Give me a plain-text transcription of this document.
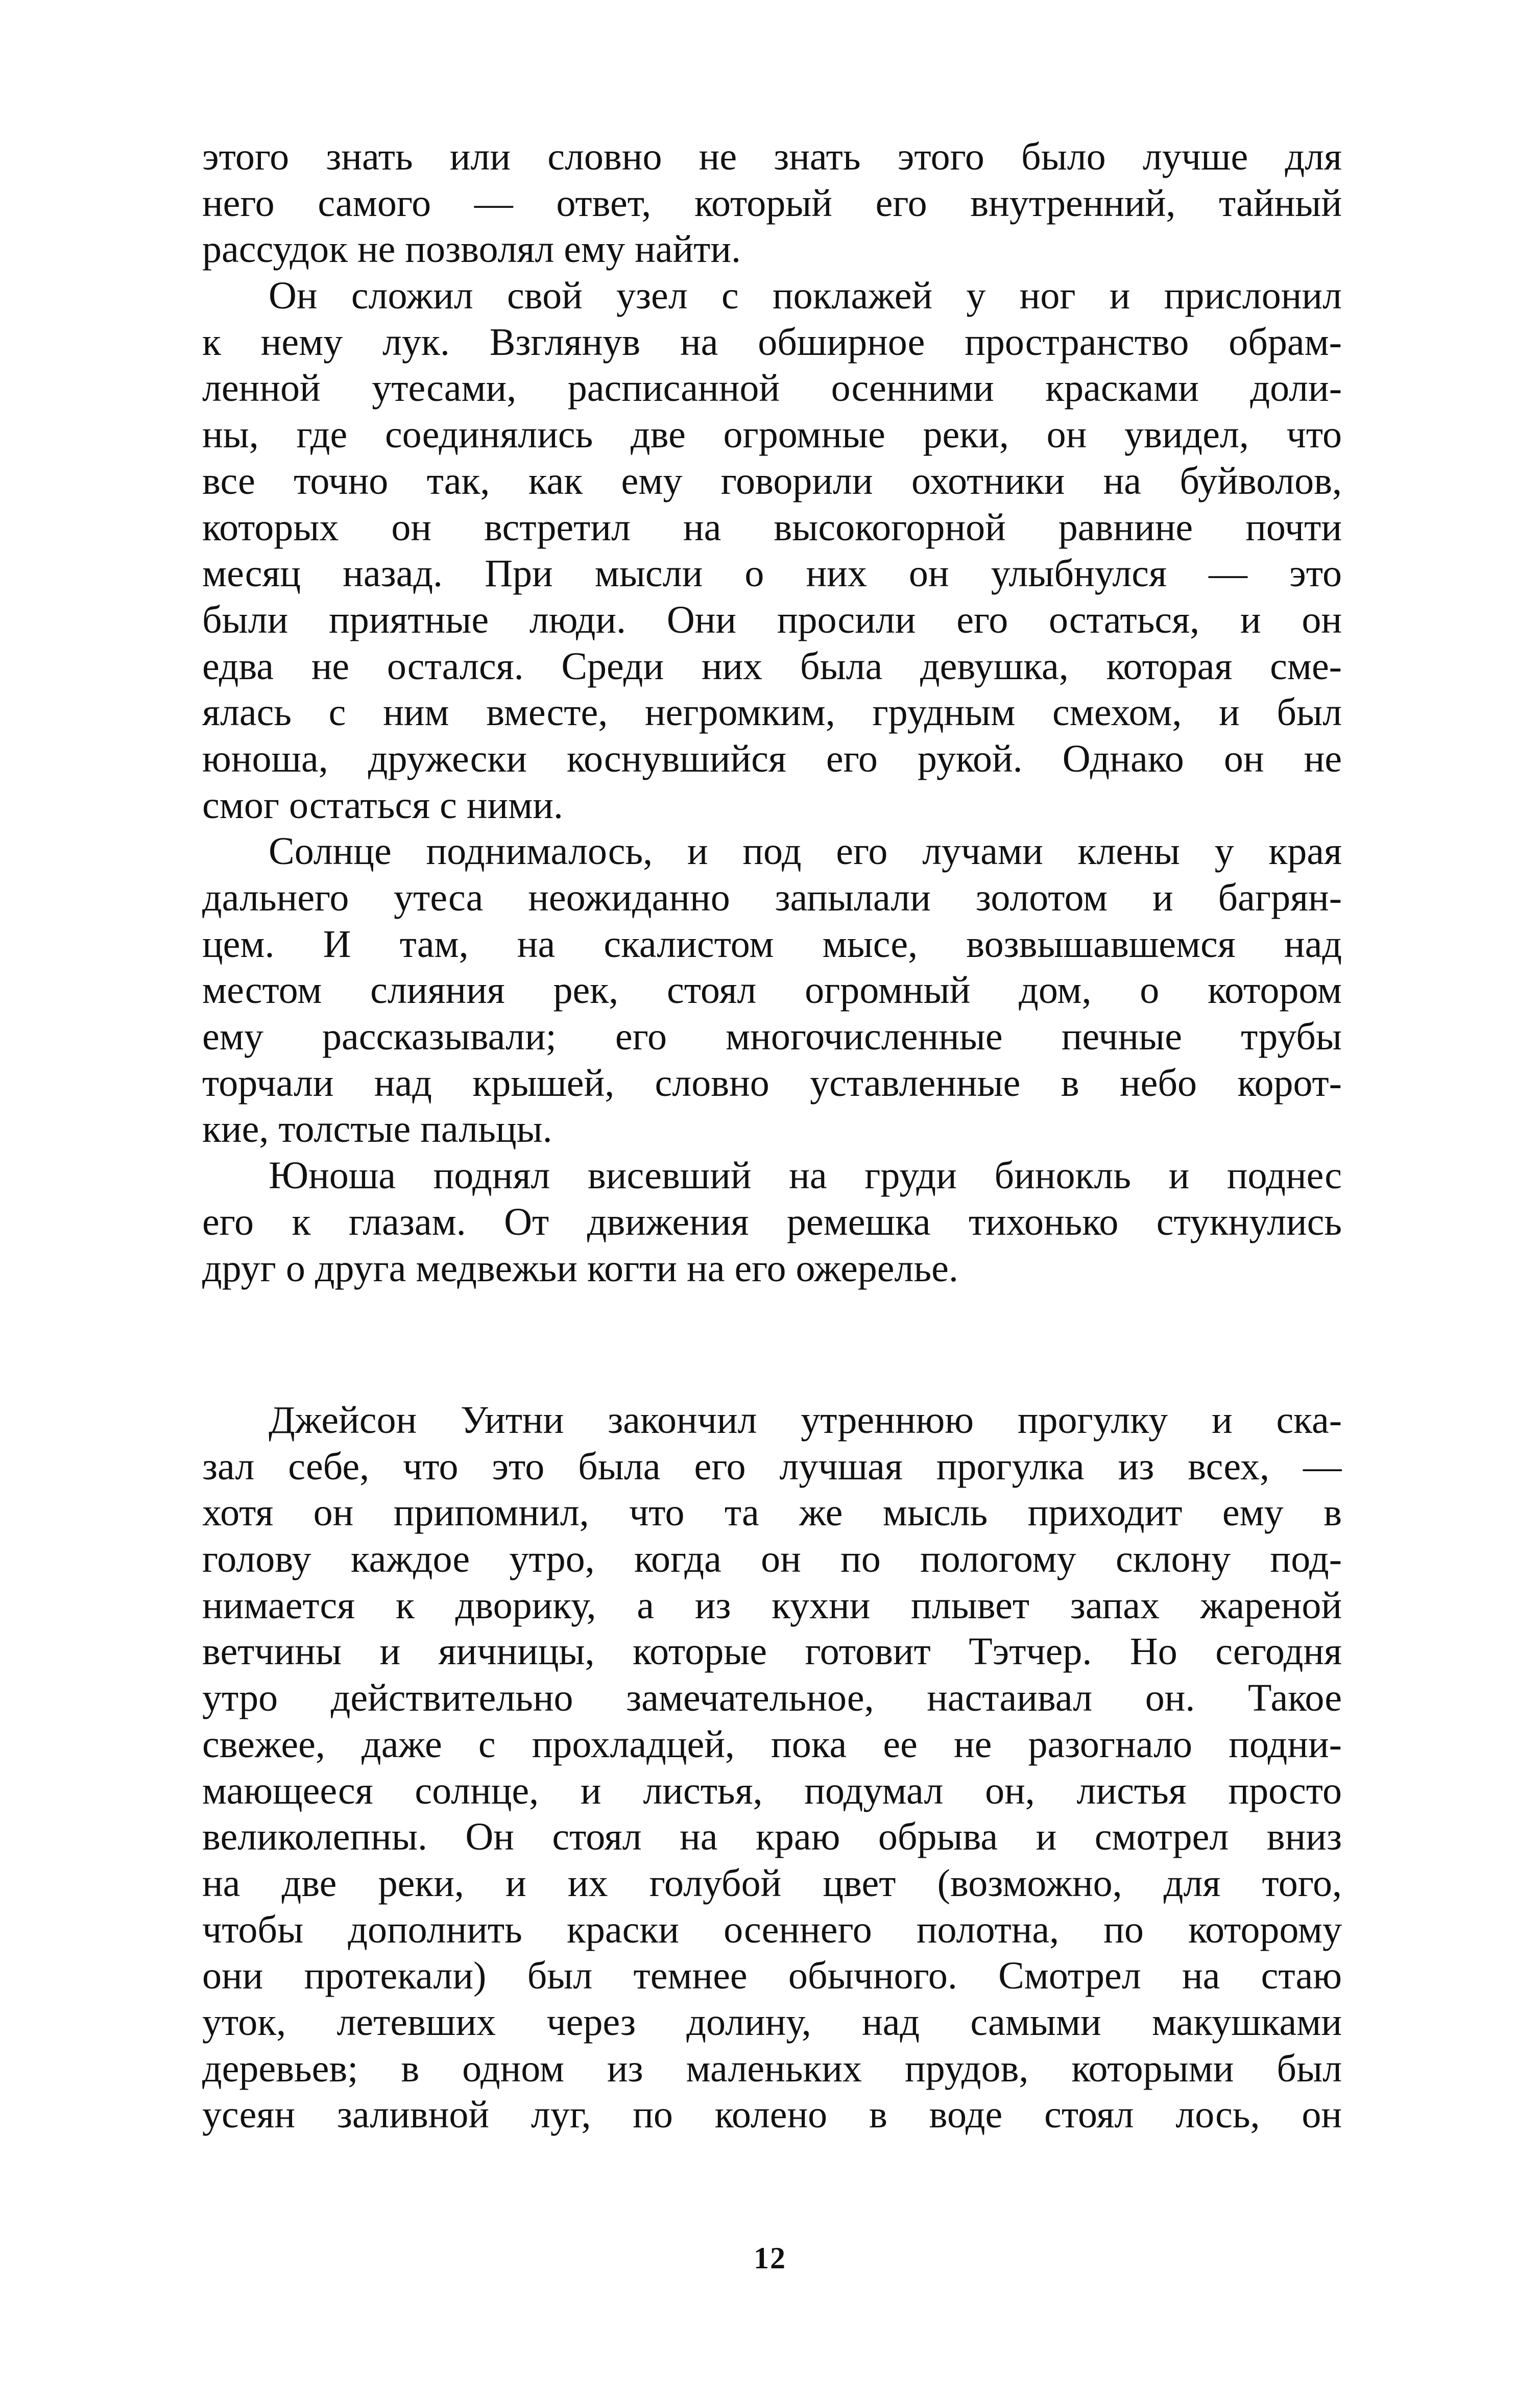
этого знать или словно не знать этого было лучше для
него самого — ответ, который его внутренний, тайный
рассудок не позволял ему найти.
Он сложил свой узел с поклажей у ног и прислонил
к нему лук. Взглянув на обширное пространство обрам-
ленной утесами, расписанной осенними красками доли-
ны, где соединялись две огромные реки, он увидел, что
все точно так, как ему говорили охотники на буйволов,
которых он встретил на высокогорной равнине почти
месяц назад. При мысли о них он улыбнулся — это
были приятные люди. Они просили его остаться, и он
едва не остался. Среди них была девушка, которая сме-
ялась с ним вместе, негромким, грудным смехом, и был
юноша, дружески коснувшийся его рукой. Однако он не
смог остаться с ними.
Солнце поднималось, и под его лучами клены у края
дальнего утеса неожиданно запылали золотом и багрян-
цем. И там, на скалистом мысе, возвышавшемся над
местом слияния рек, стоял огромный дом, о котором
ему рассказывали; его многочисленные печные трубы
торчали над крышей, словно уставленные в небо корот-
кие, толстые пальцы.
Юноша поднял висевший на груди бинокль и поднес
его к глазам. От движения ремешка тихонько стукнулись
друг о друга медвежьи когти на его ожерелье.
Джейсон Уитни закончил утреннюю прогулку и ска-
зал себе, что это была его лучшая прогулка из всех, —
хотя он припомнил, что та же мысль приходит ему в
голову каждое утро, когда он по пологому склону под-
нимается к дворику, а из кухни плывет запах жареной
ветчины и яичницы, которые готовит Тэтчер. Но сегодня
утро действительно замечательное, настаивал он. Такое
свежее, даже с прохладцей, пока ее не разогнало подни-
мающееся солнце, и листья, подумал он, листья просто
великолепны. Он стоял на краю обрыва и смотрел вниз
на две реки, и их голубой цвет (возможно, для того,
чтобы дополнить краски осеннего полотна, по которому
они протекали) был темнее обычного. Смотрел на стаю
уток, летевших через долину, над самыми макушками
деревьев; в одном из маленьких прудов, которыми был
усеян заливной луг, по колено в воде стоял лось, он
12
